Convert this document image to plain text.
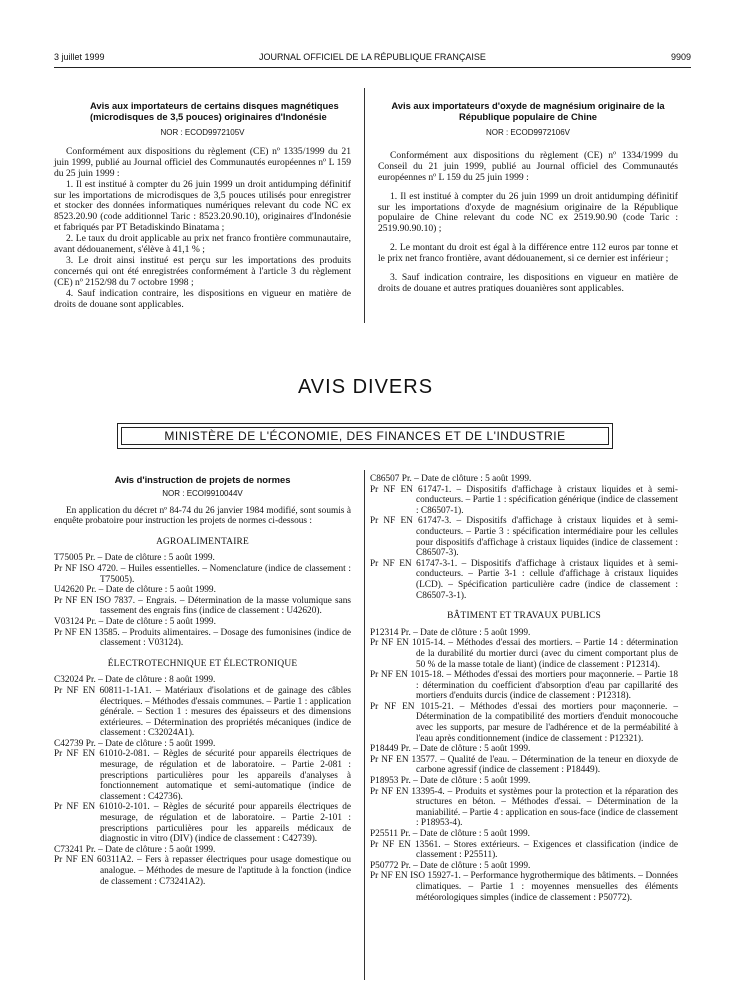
3 juillet 1999	JOURNAL OFFICIEL DE LA RÉPUBLIQUE FRANÇAISE	9909
Avis aux importateurs de certains disques magnétiques (microdisques de 3,5 pouces) originaires d'Indonésie
NOR : ECOD9972105V

Conformément aux dispositions du règlement (CE) nº 1335/1999 du 21 juin 1999, publié au Journal officiel des Communautés européennes nº L 159 du 25 juin 1999 :

1. Il est institué à compter du 26 juin 1999 un droit antidumping définitif sur les importations de microdisques de 3,5 pouces utilisés pour enregistrer et stocker des données informatiques numériques relevant du code NC ex 8523.20.90 (code additionnel Taric : 8523.20.90.10), originaires d'Indonésie et fabriqués par PT Betadiskindo Binatama ;

2. Le taux du droit applicable au prix net franco frontière communautaire, avant dédouanement, s'élève à 41,1 % ;

3. Le droit ainsi institué est perçu sur les importations des produits concernés qui ont été enregistrées conformément à l'article 3 du règlement (CE) nº 2152/98 du 7 octobre 1998 ;

4. Sauf indication contraire, les dispositions en vigueur en matière de droits de douane sont applicables.

Avis aux importateurs d'oxyde de magnésium originaire de la République populaire de Chine
NOR : ECOD9972106V

Conformément aux dispositions du règlement (CE) nº 1334/1999 du Conseil du 21 juin 1999, publié au Journal officiel des Communautés européennes nº L 159 du 25 juin 1999 :

1. Il est institué à compter du 26 juin 1999 un droit antidumping définitif sur les importations d'oxyde de magnésium originaire de la République populaire de Chine relevant du code NC ex 2519.90.90 (code Taric : 2519.90.90.10) ;

2. Le montant du droit est égal à la différence entre 112 euros par tonne et le prix net franco frontière, avant dédouanement, si ce dernier est inférieur ;

3. Sauf indication contraire, les dispositions en vigueur en matière de droits de douane et autres pratiques douanières sont applicables.

AVIS DIVERS
MINISTÈRE DE L'ÉCONOMIE, DES FINANCES ET DE L'INDUSTRIE
Avis d'instruction de projets de normes
NOR : ECOI9910044V

En application du décret nº 84-74 du 26 janvier 1984 modifié, sont soumis à enquête probatoire pour instruction les projets de normes ci-dessous :

AGROALIMENTAIRE

T75005 Pr. – Date de clôture : 5 août 1999.

Pr NF ISO 4720. – Huiles essentielles. – Nomenclature (indice de classement : T75005).

U42620 Pr. – Date de clôture : 5 août 1999.

Pr NF EN ISO 7837. – Engrais. – Détermination de la masse volumique sans tassement des engrais fins (indice de classement : U42620).

V03124 Pr. – Date de clôture : 5 août 1999.

Pr NF EN 13585. – Produits alimentaires. – Dosage des fumonisines (indice de classement : V03124).

ÉLECTROTECHNIQUE ET ÉLECTRONIQUE

C32024 Pr. – Date de clôture : 8 août 1999.

Pr NF EN 60811-1-1A1. – Matériaux d'isolations et de gainage des câbles électriques. – Méthodes d'essais communes. – Partie 1 : application générale. – Section 1 : mesures des épaisseurs et des dimensions extérieures. – Détermination des propriétés mécaniques (indice de classement : C32024A1).

C42739 Pr. – Date de clôture : 5 août 1999.

Pr NF EN 61010-2-081. – Règles de sécurité pour appareils électriques de mesurage, de régulation et de laboratoire. – Partie 2-081 : prescriptions particulières pour les appareils d'analyses à fonctionnement automatique et semi-automatique (indice de classement : C42736).

Pr NF EN 61010-2-101. – Règles de sécurité pour appareils électriques de mesurage, de régulation et de laboratoire. – Partie 2-101 : prescriptions particulières pour les appareils médicaux de diagnostic in vitro (DIV) (indice de classement : C42739).

C73241 Pr. – Date de clôture : 5 août 1999.

Pr NF EN 60311A2. – Fers à repasser électriques pour usage domestique ou analogue. – Méthodes de mesure de l'aptitude à la fonction (indice de classement : C73241A2).

C86507 Pr. – Date de clôture : 5 août 1999.

Pr NF EN 61747-1. – Dispositifs d'affichage à cristaux liquides et à semi-conducteurs. – Partie 1 : spécification générique (indice de classement : C86507-1).

Pr NF EN 61747-3. – Dispositifs d'affichage à cristaux liquides et à semi-conducteurs. – Partie 3 : spécification intermédiaire pour les cellules pour dispositifs d'affichage à cristaux liquides (indice de classement : C86507-3).

Pr NF EN 61747-3-1. – Dispositifs d'affichage à cristaux liquides et à semi-conducteurs. – Partie 3-1 : cellule d'affichage à cristaux liquides (LCD). – Spécification particulière cadre (indice de classement : C86507-3-1).

BÂTIMENT ET TRAVAUX PUBLICS

P12314 Pr. – Date de clôture : 5 août 1999.

Pr NF EN 1015-14. – Méthodes d'essai des mortiers. – Partie 14 : détermination de la durabilité du mortier durci (avec du ciment comportant plus de 50 % de la masse totale de liant) (indice de classement : P12314).

Pr NF EN 1015-18. – Méthodes d'essai des mortiers pour maçonnerie. – Partie 18 : détermination du coefficient d'absorption d'eau par capillarité des mortiers d'enduits durcis (indice de classement : P12318).

Pr NF EN 1015-21. – Méthodes d'essai des mortiers pour maçonnerie. – Détermination de la compatibilité des mortiers d'enduit monocouche avec les supports, par mesure de l'adhérence et de la perméabilité à l'eau après conditionnement (indice de classement : P12321).

P18449 Pr. – Date de clôture : 5 août 1999.

Pr NF EN 13577. – Qualité de l'eau. – Détermination de la teneur en dioxyde de carbone agressif (indice de classement : P18449).

P18953 Pr. – Date de clôture : 5 août 1999.

Pr NF EN 13395-4. – Produits et systèmes pour la protection et la réparation des structures en béton. – Méthodes d'essai. – Détermination de la maniabilité. – Partie 4 : application en sous-face (indice de classement : P18953-4).

P25511 Pr. – Date de clôture : 5 août 1999.

Pr NF EN 13561. – Stores extérieurs. – Exigences et classification (indice de classement : P25511).

P50772 Pr. – Date de clôture : 5 août 1999.

Pr NF EN ISO 15927-1. – Performance hygrothermique des bâtiments. – Données climatiques. – Partie 1 : moyennes mensuelles des éléments météorologiques simples (indice de classement : P50772).
